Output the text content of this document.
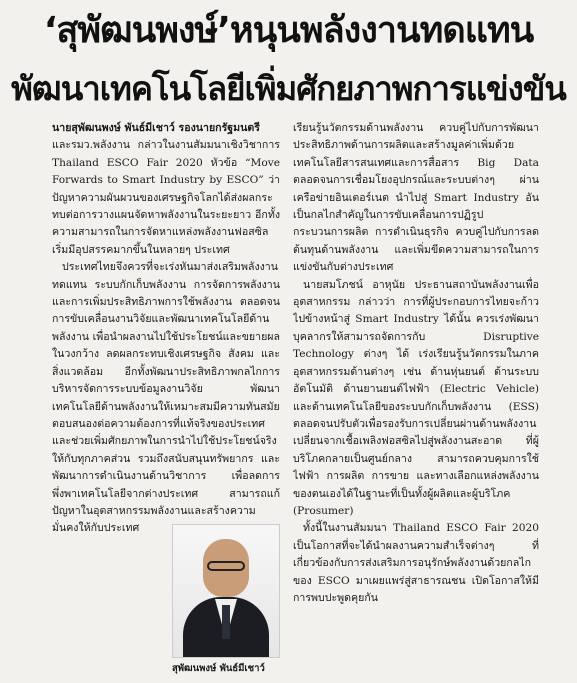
‘สุพัฒนพงษ์’หนุนพลังงานทดแทน
พัฒนาเทคโนโลยีเพิ่มศักยภาพการแข่งขัน

นายสุพัฒนพงษ์ พันธ์มีเชาว์ รองนายกรัฐมนตรี

และรมว.พลังงาน กล่าวในงานสัมมนาเชิงวิชาการ Thailand ESCO Fair 2020 หัวข้อ “Move Forwards to Smart Industry by ESCO” ว่า ปัญหาความผันผวนของเศรษฐกิจโลกได้ส่งผลกระทบต่อการวางแผนจัดหาพลังงานในระยะยาว อีกทั้งความสามารถในการจัดหาแหล่งพลังงานฟอสซิลเริ่มมีอุปสรรคมากขึ้นในหลายๆ ประเทศ

ประเทศไทยจึงควรที่จะเร่งหันมาส่งเสริมพลังงานทดแทน ระบบกักเก็บพลังงาน การจัดการพลังงาน และการเพิ่มประสิทธิภาพการใช้พลังงาน ตลอดจนการขับเคลื่อนงานวิจัยและพัฒนาเทคโนโลยีด้านพลังงาน เพื่อนำผลงานไปใช้ประโยชน์และขยายผลในวงกว้าง ลดผลกระทบเชิงเศรษฐกิจ สังคม และสิ่งแวดล้อม อีกทั้งพัฒนาประสิทธิภาพกลไกการบริหารจัดการระบบข้อมูลงานวิจัย พัฒนาเทคโนโลยีด้านพลังงานให้เหมาะสมมีความทันสมัย ตอบสนองต่อความต้องการที่แท้จริงของประเทศ และช่วยเพิ่มศักยภาพในการนำไปใช้ประโยชน์จริงให้กับทุกภาคส่วน รวมถึงสนับสนุนทรัพยากร และพัฒนาการดำเนินงานด้านวิชาการ เพื่อลดการพึ่งพาเทคโนโลยีจากต่างประเทศ สามารถแก้ปัญหาในอุตสาหกรรมพลังงานและสร้างความมั่นคงให้กับประเทศ

เรียนรู้นวัตกรรมด้านพลังงาน ควบคู่ไปกับการพัฒนาประสิทธิภาพด้านการผลิตและสร้างมูลค่าเพิ่มด้วยเทคโนโลยีสารสนเทศและการสื่อสาร Big Data ตลอดจนการเชื่อมโยงอุปกรณ์และระบบต่างๆ ผ่านเครือข่ายอินเตอร์เนต นำไปสู่ Smart Industry อันเป็นกลไกสำคัญในการขับเคลื่อนการปฏิรูปกระบวนการผลิต การดำเนินธุรกิจ ควบคู่ไปกับการลดต้นทุนด้านพลังงาน และเพิ่มขีดความสามารถในการแข่งขันกับต่างประเทศ

นายสมโภชน์ อาหุนัย ประธานสถาบันพลังงานเพื่ออุตสาหกรรม กล่าวว่า การที่ผู้ประกอบการไทยจะก้าวไปข้างหน้าสู่ Smart Industry ได้นั้น ควรเร่งพัฒนาบุคลากรให้สามารถจัดการกับ Disruptive Technology ต่างๆ ได้ เร่งเรียนรู้นวัตกรรมในภาคอุตสาหกรรมด้านต่างๆ เช่น ด้านหุ่นยนต์ ด้านระบบอัตโนมัติ ด้านยานยนต์ไฟฟ้า (Electric Vehicle) และด้านเทคโนโลยีของระบบกักเก็บพลังงาน (ESS) ตลอดจนปรับตัวเพื่อรองรับการเปลี่ยนผ่านด้านพลังงาน เปลี่ยนจากเชื้อเพลิงฟอสซิลไปสู่พลังงานสะอาด ที่ผู้บริโภคกลายเป็นศูนย์กลาง สามารถควบคุมการใช้ไฟฟ้า การผลิต การขาย และทางเลือกแหล่งพลังงานของตนเองได้ในฐานะที่เป็นทั้งผู้ผลิตและผู้บริโภค (Prosumer)

ทั้งนี้ในงานสัมมนา Thailand ESCO Fair 2020 เป็นโอกาสที่จะได้นำผลงานความสำเร็จต่างๆ ที่เกี่ยวข้องกับการส่งเสริมการอนุรักษ์พลังงานด้วยกลไกของ ESCO มาเผยแพร่สู่สาธารณชน เปิดโอกาสให้มีการพบปะพูดคุยกัน

สุพัฒนพงษ์ พันธ์มีเชาว์
